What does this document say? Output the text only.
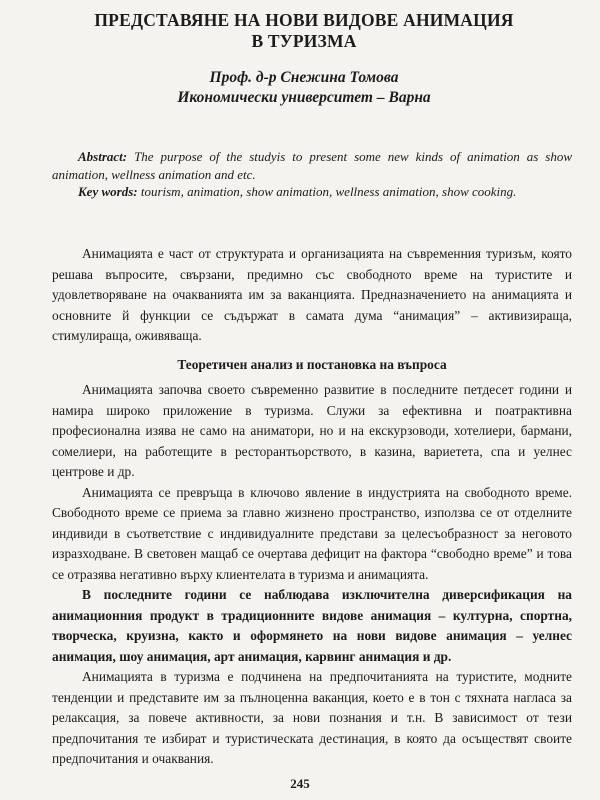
ПРЕДСТАВЯНЕ НА НОВИ ВИДОВЕ АНИМАЦИЯ
В ТУРИЗМА
Проф. д-р Снежина Томова
Икономически университет – Варна

Abstract: The purpose of the studyis to present some new kinds of animation as show animation, wellness animation and etc.

Key words: tourism, animation, show animation, wellness animation, show cooking.

Анимацията е част от структурата и организацията на съвременния туризъм, която решава въпросите, свързани, предимно със свободното време на туристите и удовлетворяване на очакванията им за ваканцията. Предназначението на анимацията и основните й функции се съдържат в самата дума “анимация” – активизираща, стимулираща, оживяваща.

Теоретичен анализ и постановка на въпроса

Анимацията започва своето съвременно развитие в последните петдесет години и намира широко приложение в туризма. Служи за ефективна и поатрактивна професионална изява не само на аниматори, но и на екскурзоводи, хотелиери, бармани, сомелиери, на работещите в ресторантьорството, в казина, вариетета, спа и уелнес центрове и др.

Анимацията се превръща в ключово явление в индустрията на свободното време. Свободното време се приема за главно жизнено пространство, използва се от отделните индивиди в съответствие с индивидуалните представи за целесъобразност за неговото изразходване. В световен мащаб се очертава дефицит на фактора “свободно време” и това се отразява негативно върху клиентелата в туризма и анимацията.

В последните години се наблюдава изключителна диверсификация на анимационния продукт в традиционните видове анимация – културна, спортна, творческа, круизна, както и оформянето на нови видове анимация – уелнес анимация, шоу анимация, арт анимация, карвинг анимация и др.

Анимацията в туризма е подчинена на предпочитанията на туристите, модните тенденции и представите им за пълноценна ваканция, което е в тон с тяхната нагласа за релаксация, за повече активности, за нови познания и т.н. В зависимост от тези предпочитания те избират и туристическата дестинация, в която да осъществят своите предпочитания и очаквания.

245
